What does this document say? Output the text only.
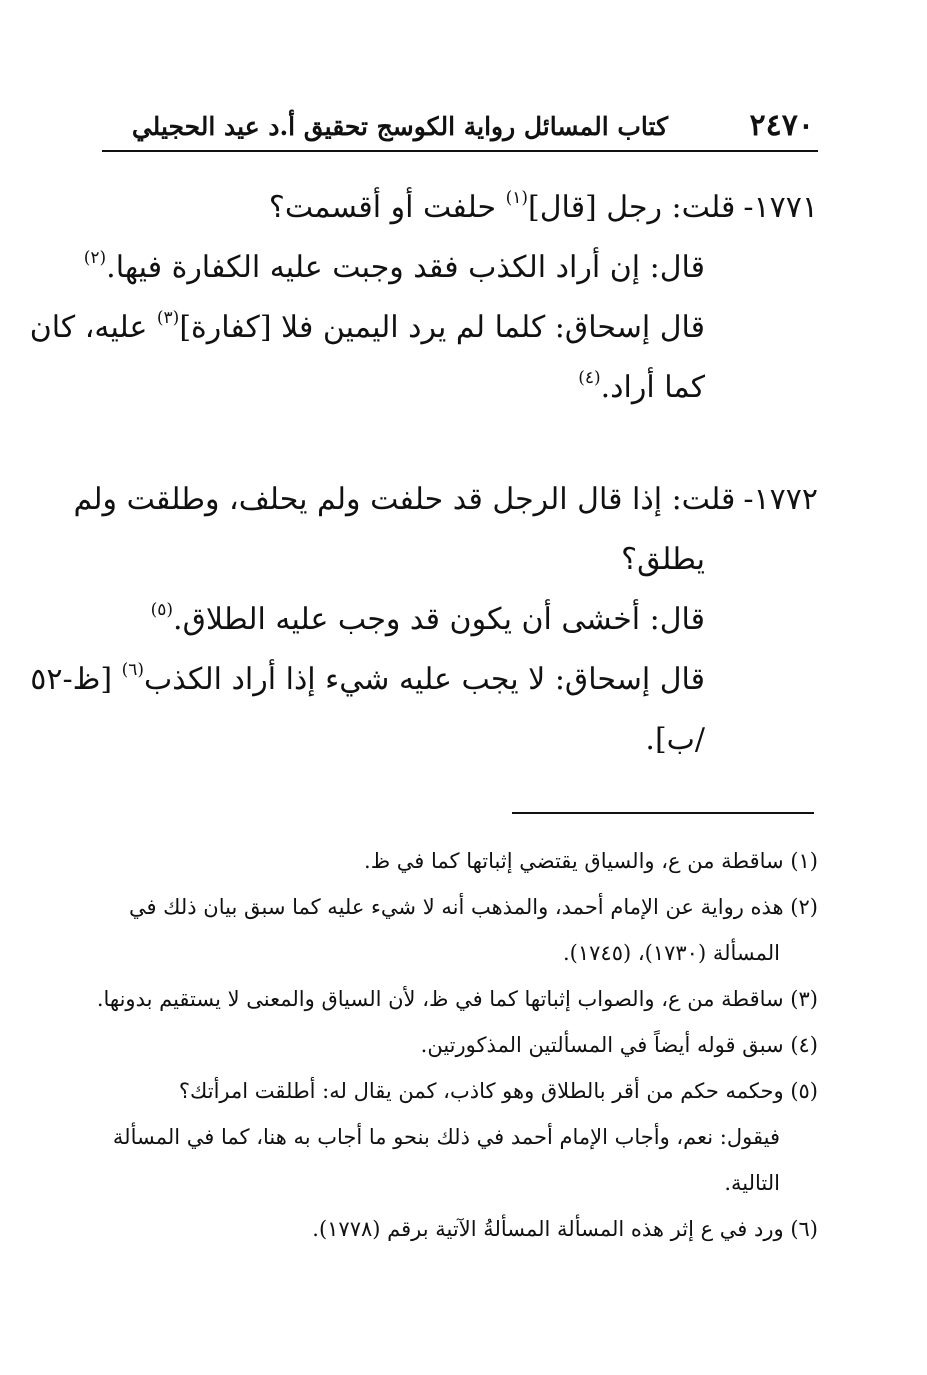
٢٤٧٠
كتاب المسائل رواية الكوسج تحقيق أ.د عيد الحجيلي
١٧٧١-قلت: رجل [قال]$^{(١)}$ حلفت أو أقسمت؟
قال: إن أراد الكذب فقد وجبت عليه الكفارة فيها.$^{(٢)}$
قال إسحاق: كلما لم يرد اليمين فلا [كفارة]$^{(٣)}$ عليه، كان
كما أراد.$^{(٤)}$
١٧٧٢-قلت: إذا قال الرجل قد حلفت ولم يحلف، وطلقت ولم
يطلق؟
قال: أخشى أن يكون قد وجب عليه الطلاق.$^{(٥)}$
قال إسحاق: لا يجب عليه شيء إذا أراد الكذب$^{(٦)}$ [ظ-٥٢
/ب].
(١) ساقطة من ع، والسياق يقتضي إثباتها كما في ظ.
(٢) هذه رواية عن الإمام أحمد، والمذهب أنه لا شيء عليه كما سبق بيان ذلك في
المسألة (١٧٣٠)، (١٧٤٥).
(٣) ساقطة من ع، والصواب إثباتها كما في ظ، لأن السياق والمعنى لا يستقيم بدونها.
(٤) سبق قوله أيضاً في المسألتين المذكورتين.
(٥) وحكمه حكم من أقر بالطلاق وهو كاذب، كمن يقال له: أطلقت امرأتك؟
فيقول: نعم، وأجاب الإمام أحمد في ذلك بنحو ما أجاب به هنا، كما في المسألة
التالية.
(٦) ورد في ع إثر هذه المسألة المسألةُ الآتية برقم (١٧٧٨).
